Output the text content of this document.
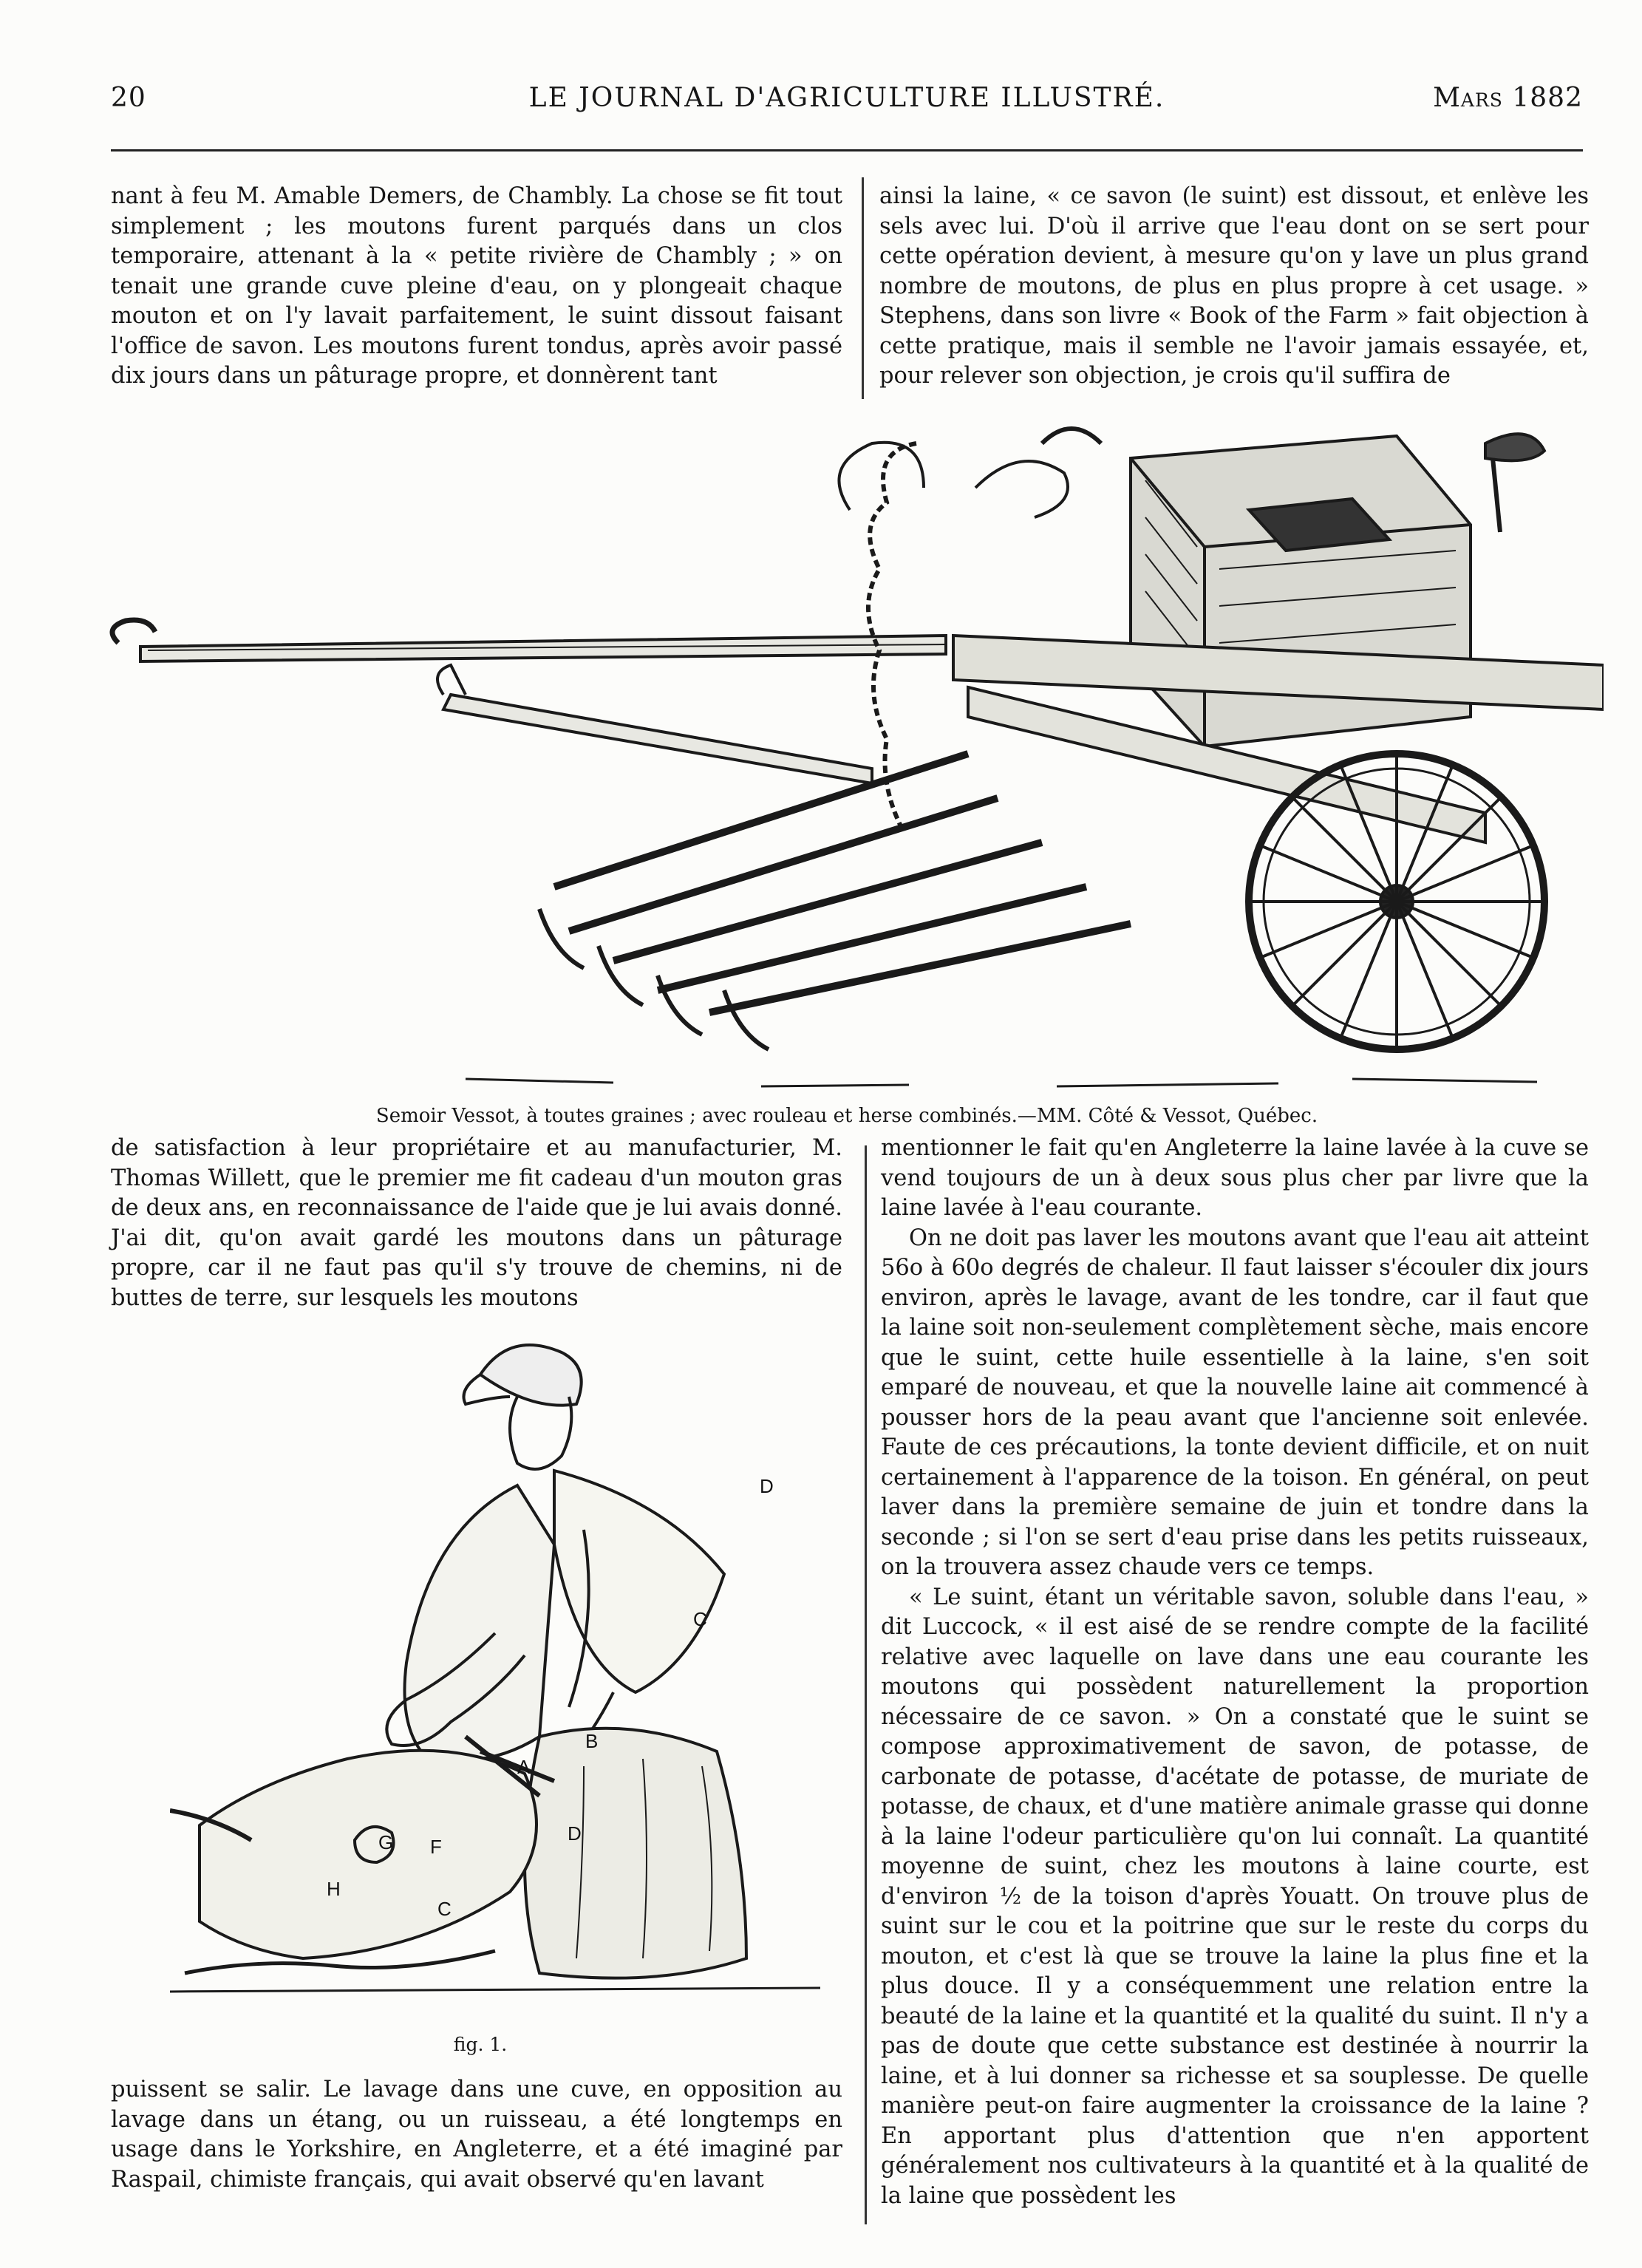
20	LE JOURNAL D'AGRICULTURE ILLUSTRÉ.	Mars 1882

nant à feu M. Amable Demers, de Chambly. La chose se fit tout simplement ; les moutons furent parqués dans un clos temporaire, attenant à la « petite rivière de Chambly ; » on tenait une grande cuve pleine d'eau, on y plongeait chaque mouton et on l'y lavait parfaitement, le suint dissout faisant l'office de savon. Les moutons furent tondus, après avoir passé dix jours dans un pâturage propre, et donnèrent tant

ainsi la laine, « ce savon (le suint) est dissout, et enlève les sels avec lui. D'où il arrive que l'eau dont on se sert pour cette opération devient, à mesure qu'on y lave un plus grand nombre de moutons, de plus en plus propre à cet usage. » Stephens, dans son livre « Book of the Farm » fait objection à cette pratique, mais il semble ne l'avoir jamais essayée, et, pour relever son objection, je crois qu'il suffira de

Semoir Vessot, à toutes graines ; avec rouleau et herse combinés.—MM. Côté & Vessot, Québec.

de satisfaction à leur propriétaire et au manufacturier, M. Thomas Willett, que le premier me fit cadeau d'un mouton gras de deux ans, en reconnaissance de l'aide que je lui avais donné. J'ai dit, qu'on avait gardé les moutons dans un pâturage propre, car il ne faut pas qu'il s'y trouve de chemins, ni de buttes de terre, sur lesquels les moutons

D
C
A
B
D
G F
H
C
fig. 1.

puissent se salir. Le lavage dans une cuve, en opposition au lavage dans un étang, ou un ruisseau, a été longtemps en usage dans le Yorkshire, en Angleterre, et a été imaginé par Raspail, chimiste français, qui avait observé qu'en lavant

mentionner le fait qu'en Angleterre la laine lavée à la cuve se vend toujours de un à deux sous plus cher par livre que la laine lavée à l'eau courante.

On ne doit pas laver les moutons avant que l'eau ait atteint 56o à 60o degrés de chaleur. Il faut laisser s'écouler dix jours environ, après le lavage, avant de les tondre, car il faut que la laine soit non-seulement complètement sèche, mais encore que le suint, cette huile essentielle à la laine, s'en soit emparé de nouveau, et que la nouvelle laine ait commencé à pousser hors de la peau avant que l'ancienne soit enlevée. Faute de ces précautions, la tonte devient difficile, et on nuit certainement à l'apparence de la toison. En général, on peut laver dans la première semaine de juin et tondre dans la seconde ; si l'on se sert d'eau prise dans les petits ruisseaux, on la trouvera assez chaude vers ce temps.

« Le suint, étant un véritable savon, soluble dans l'eau, » dit Luccock, « il est aisé de se rendre compte de la facilité relative avec laquelle on lave dans une eau courante les moutons qui possèdent naturellement la proportion nécessaire de ce savon. » On a constaté que le suint se compose approximativement de savon, de potasse, de carbonate de potasse, d'acétate de potasse, de muriate de potasse, de chaux, et d'une matière animale grasse qui donne à la laine l'odeur particulière qu'on lui connaît. La quantité moyenne de suint, chez les moutons à laine courte, est d'environ ½ de la toison d'après Youatt. On trouve plus de suint sur le cou et la poitrine que sur le reste du corps du mouton, et c'est là que se trouve la laine la plus fine et la plus douce. Il y a conséquemment une relation entre la beauté de la laine et la quantité et la qualité du suint. Il n'y a pas de doute que cette substance est destinée à nourrir la laine, et à lui donner sa richesse et sa souplesse. De quelle manière peut-on faire augmenter la croissance de la laine ? En apportant plus d'attention que n'en apportent généralement nos cultivateurs à la quantité et à la qualité de la laine que possèdent les
